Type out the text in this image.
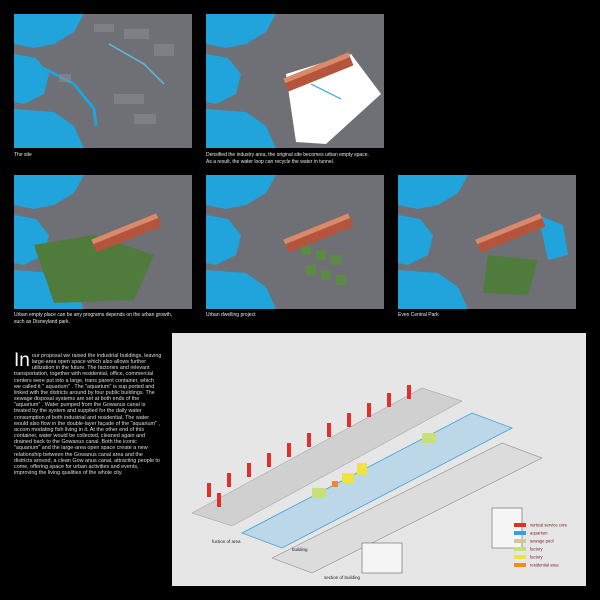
The site	Densified the industry area, the original site becomes urban empty space.
As a result, the water loop can recycle the water in tunnel.
Urban empty place can be any programs depends on the urban growth,
such as Disneyland park.
Urban dwelling project	Even Central Park
In our proposal we raised the industrial buildings, leaving large-area open space which also allows further utilization in the future. The factories and relevant transportation, together with residential, office, commercial centers were put into a large, trans parent container, which we called it " aquarium" . The "aquarium" is sup ported and linked with the districts around by four public buildings. The sewage disposal systems are set at both ends of the "aquarium" . Water pumped from the Gowanus canal is treated by the system and supplied for the daily water consumption of both industrial and residential. The water would also flow in the double-layer façade of the "aquarium" , accom modating fish living in it. At the other end of this container, water would be collected, cleaned again and drained back to the Gowanus canal. Both the iconic "aquarium" and the large-area open space create a new relationship between the Gowanus canal area and the districts around, a clean Gow anus canal, attracting people to come, offering space for urban activities and events, improving the living qualities of the whole city.
fuction of area
building
section of building
vertical service core
aquarium
sewage pool
factory
factory
residential area
